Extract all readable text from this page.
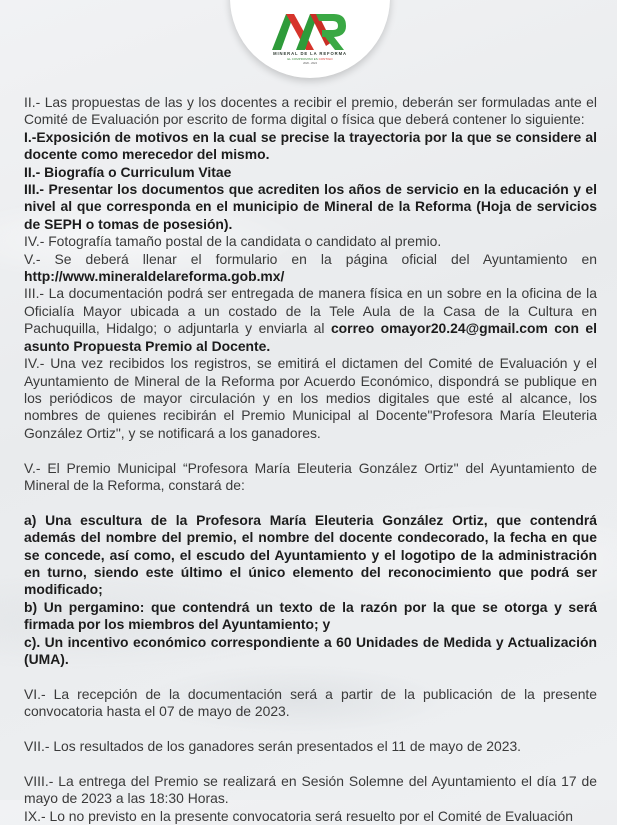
MINERAL DE LA REFORMA
EL COMPROMISO ES CONTIGO
2020 - 2024

II.- Las propuestas de las y los docentes a recibir el premio, deberán ser formuladas ante el Comité de Evaluación por escrito de forma digital o física que deberá contener lo siguiente:

I.-Exposición de motivos en la cual se precise la trayectoria por la que se considere al docente como merecedor del mismo.

II.- Biografía o Curriculum Vitae

III.- Presentar los documentos que acrediten los años de servicio en la educación y el nivel al que corresponda en el municipio de Mineral de la Reforma (Hoja de servicios de SEPH o tomas de posesión).

IV.- Fotografía tamaño postal de la candidata o candidato al premio.

V.- Se deberá llenar el formulario en la página oficial del Ayuntamiento en http://www.mineraldelareforma.gob.mx/

III.- La documentación podrá ser entregada de manera física en un sobre en la oficina de la Oficialía Mayor ubicada a un costado de la Tele Aula de la Casa de la Cultura en Pachuquilla, Hidalgo; o adjuntarla y enviarla al correo omayor20.24@gmail.com con el asunto Propuesta Premio al Docente.

IV.- Una vez recibidos los registros, se emitirá el dictamen del Comité de Evaluación y el Ayuntamiento de Mineral de la Reforma por Acuerdo Económico, dispondrá se publique en los periódicos de mayor circulación y en los medios digitales que esté al alcance, los nombres de quienes recibirán el Premio Municipal al Docente"Profesora María Eleuteria González Ortiz", y se notificará a los ganadores.

V.- El Premio Municipal “Profesora María Eleuteria González Ortiz" del Ayuntamiento de Mineral de la Reforma, constará de:

a) Una escultura de la Profesora María Eleuteria González Ortiz, que contendrá además del nombre del premio, el nombre del docente condecorado, la fecha en que se concede, así como, el escudo del Ayuntamiento y el logotipo de la administración en turno, siendo este último el único elemento del reconocimiento que podrá ser modificado;

b) Un pergamino: que contendrá un texto de la razón por la que se otorga y será firmada por los miembros del Ayuntamiento; y

c). Un incentivo económico correspondiente a 60 Unidades de Medida y Actualización (UMA).

VI.- La recepción de la documentación será a partir de la publicación de la presente convocatoria hasta el 07 de mayo de 2023.

VII.- Los resultados de los ganadores serán presentados el 11 de mayo de 2023.

VIII.- La entrega del Premio se realizará en Sesión Solemne del Ayuntamiento el día 17 de mayo de 2023 a las 18:30 Horas.

IX.- Lo no previsto en la presente convocatoria será resuelto por el Comité de Evaluación
